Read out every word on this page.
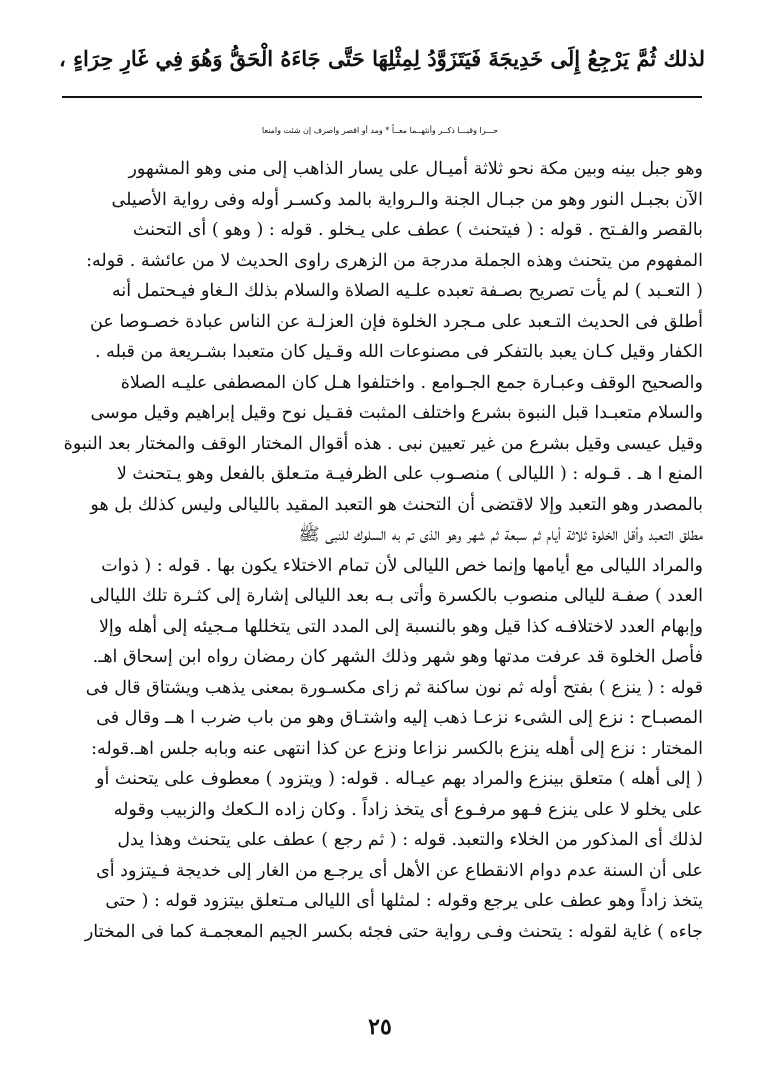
لذلك ثُمَّ يَرْجِعُ إِلَى خَدِيجَةَ فَيَتَزَوَّدُ لِمِثْلِهَا حَتَّى جَاءَهُ الْحَقُّ وَهُوَ فِي غَارِ حِرَاءٍ ،
حـــرا وقبـــا ذكــر وأنثهــما معــاً * ومد أو اقصر واصرف إن شئت وامنعا
وهو جبل بينه وبين مكة نحو ثلاثة أميـال على يسار الذاهب إلى منى وهو المشهور
الآن بجبـل النور وهو من جبـال الجنة والـرواية بالمد وكسـر أوله وفى رواية الأصيلى
بالقصر والفـتح . قوله : ( فيتحنث ) عطف على يـخلو . قوله : ( وهو ) أى التحنث
المفهوم من يتحنث وهذه الجملة مدرجة من الزهرى راوى الحديث لا من عائشة . قوله:
( التعـبد ) لم يأت تصريح بصـفة تعبده علـيه الصلاة والسلام بذلك الـغاو فيـحتمل أنه
أطلق فى الحديث التـعبد على مـجرد الخلوة فإن العزلـة عن الناس عبادة خصـوصا عن
الكفار وقيل كـان يعبد بالتفكر فى مصنوعات الله وقـيل كان متعبدا بشـريعة من قبله .
والصحيح الوقف وعبـارة جمع الجـوامع . واختلفوا هـل كان المصطفى عليـه الصلاة
والسلام متعبـدا قبل النبوة بشرع واختلف المثبت فقـيل نوح وقيل إبراهيم وقيل موسى
وقيل عيسى وقيل بشرع من غير تعيين نبى . هذه أقوال المختار الوقف والمختار بعد النبوة
المنع ا هـ . قـوله : ( الليالى ) منصـوب على الظرفيـة متـعلق بالفعل وهو يـتحنث لا
بالمصدر وهو التعبد وإلا لاقتضى أن التحنث هو التعبد المقيد بالليالى وليس كذلك بل هو
مطلق التعبد وأقل الخلوة ثلاثة أيام ثم سبعة ثم شهر وهو الذى تم به السلوك للنبى ﷺ
والمراد الليالى مع أيامها وإنما خص الليالى لأن تمام الاختلاء يكون بها . قوله : ( ذوات
العدد ) صفـة لليالى منصوب بالكسرة وأتى بـه بعد الليالى إشارة إلى كثـرة تلك الليالى
وإبهام العدد لاختلافـه كذا قيل وهو بالنسبة إلى المدد التى يتخللها مـجيئه إلى أهله وإلا
فأصل الخلوة قد عرفت مدتها وهو شهر وذلك الشهر كان رمضان رواه ابن إسحاق اهـ.
قوله : ( ينزع ) بفتح أوله ثم نون ساكنة ثم زاى مكسـورة بمعنى يذهب ويشتاق قال فى
المصبـاح : نزع إلى الشىء نزعـا ذهب إليه واشتـاق وهو من باب ضرب ا هــ وقال فى
المختار : نزع إلى أهله ينزع بالكسر نزاعا ونزع عن كذا انتهى عنه وبابه جلس اهـ.قوله:
( إلى أهله ) متعلق بينزع والمراد بهم عيـاله . قوله: ( ويتزود ) معطوف على يتحنث أو
على يخلو لا على ينزع فـهو مرفـوع أى يتخذ زاداً . وكان زاده الـكعك والزبيب وقوله
لذلك أى المذكور من الخلاء والتعبد. قوله : ( ثم رجع ) عطف على يتحنث وهذا يدل
على أن السنة عدم دوام الانقطاع عن الأهل أى يرجـع من الغار إلى خديجة فـيتزود أى
يتخذ زاداً وهو عطف على يرجع وقوله : لمثلها أى الليالى مـتعلق بيتزود قوله : ( حتى
جاءه ) غاية لقوله : يتحنث وفـى رواية حتى فجئه بكسر الجيم المعجمـة كما فى المختار
٢٥
